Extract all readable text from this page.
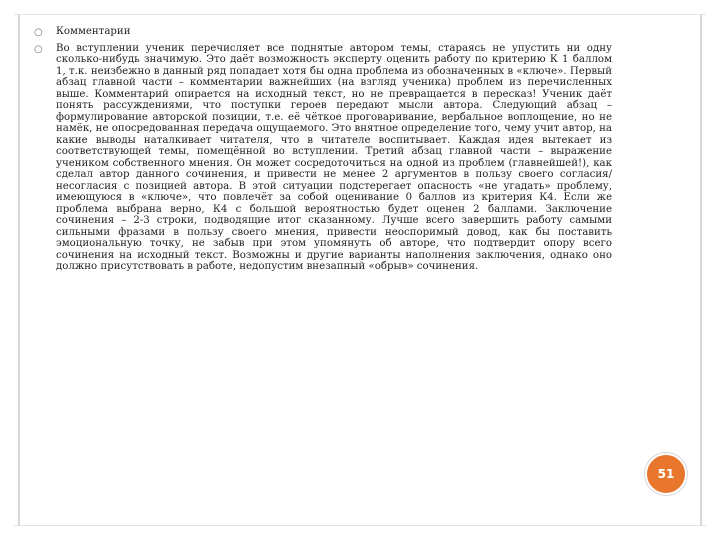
○ Комментарии
○ Во вступлении ученик перечисляет все поднятые автором темы, стараясь не упустить ни одну сколько-нибудь значимую. Это даёт возможность эксперту оценить работу по критерию К 1 баллом 1, т.к. неизбежно в данный ряд попадает хотя бы одна проблема из обозначенных в «ключе». Первый абзац главной части – комментарии важнейших (на взгляд ученика) проблем из перечисленных выше. Комментарий опирается на исходный текст, но не превращается в пересказ! Ученик даёт понять рассуждениями, что поступки героев передают мысли автора. Следующий абзац – формулирование авторской позиции, т.е. её чёткое проговаривание, вербальное воплощение, но не намёк, не опосредованная передача ощущаемого. Это внятное определение того, чему учит автор, на какие выводы наталкивает читателя, что в читателе воспитывает. Каждая идея вытекает из соответствующей темы, помещённой во вступлении. Третий абзац главной части – выражение учеником собственного мнения. Он может сосредоточиться на одной из проблем (главнейшей!), как сделал автор данного сочинения, и привести не менее 2 аргументов в пользу своего согласия/несогласия с позицией автора. В этой ситуации подстерегает опасность «не угадать» проблему, имеющуюся в «ключе», что повлечёт за собой оценивание 0 баллов из критерия К4. Если же проблема выбрана верно, К4 с большой вероятностью будет оценен 2 баллами. Заключение сочинения – 2-3 строки, подводящие итог сказанному. Лучше всего завершить работу самыми сильными фразами в пользу своего мнения, привести неоспоримый довод, как бы поставить эмоциональную точку, не забыв при этом упомянуть об авторе, что подтвердит опору всего сочинения на исходный текст. Возможны и другие варианты наполнения заключения, однако оно должно присутствовать в работе, недопустим внезапный «обрыв» сочинения.
51
